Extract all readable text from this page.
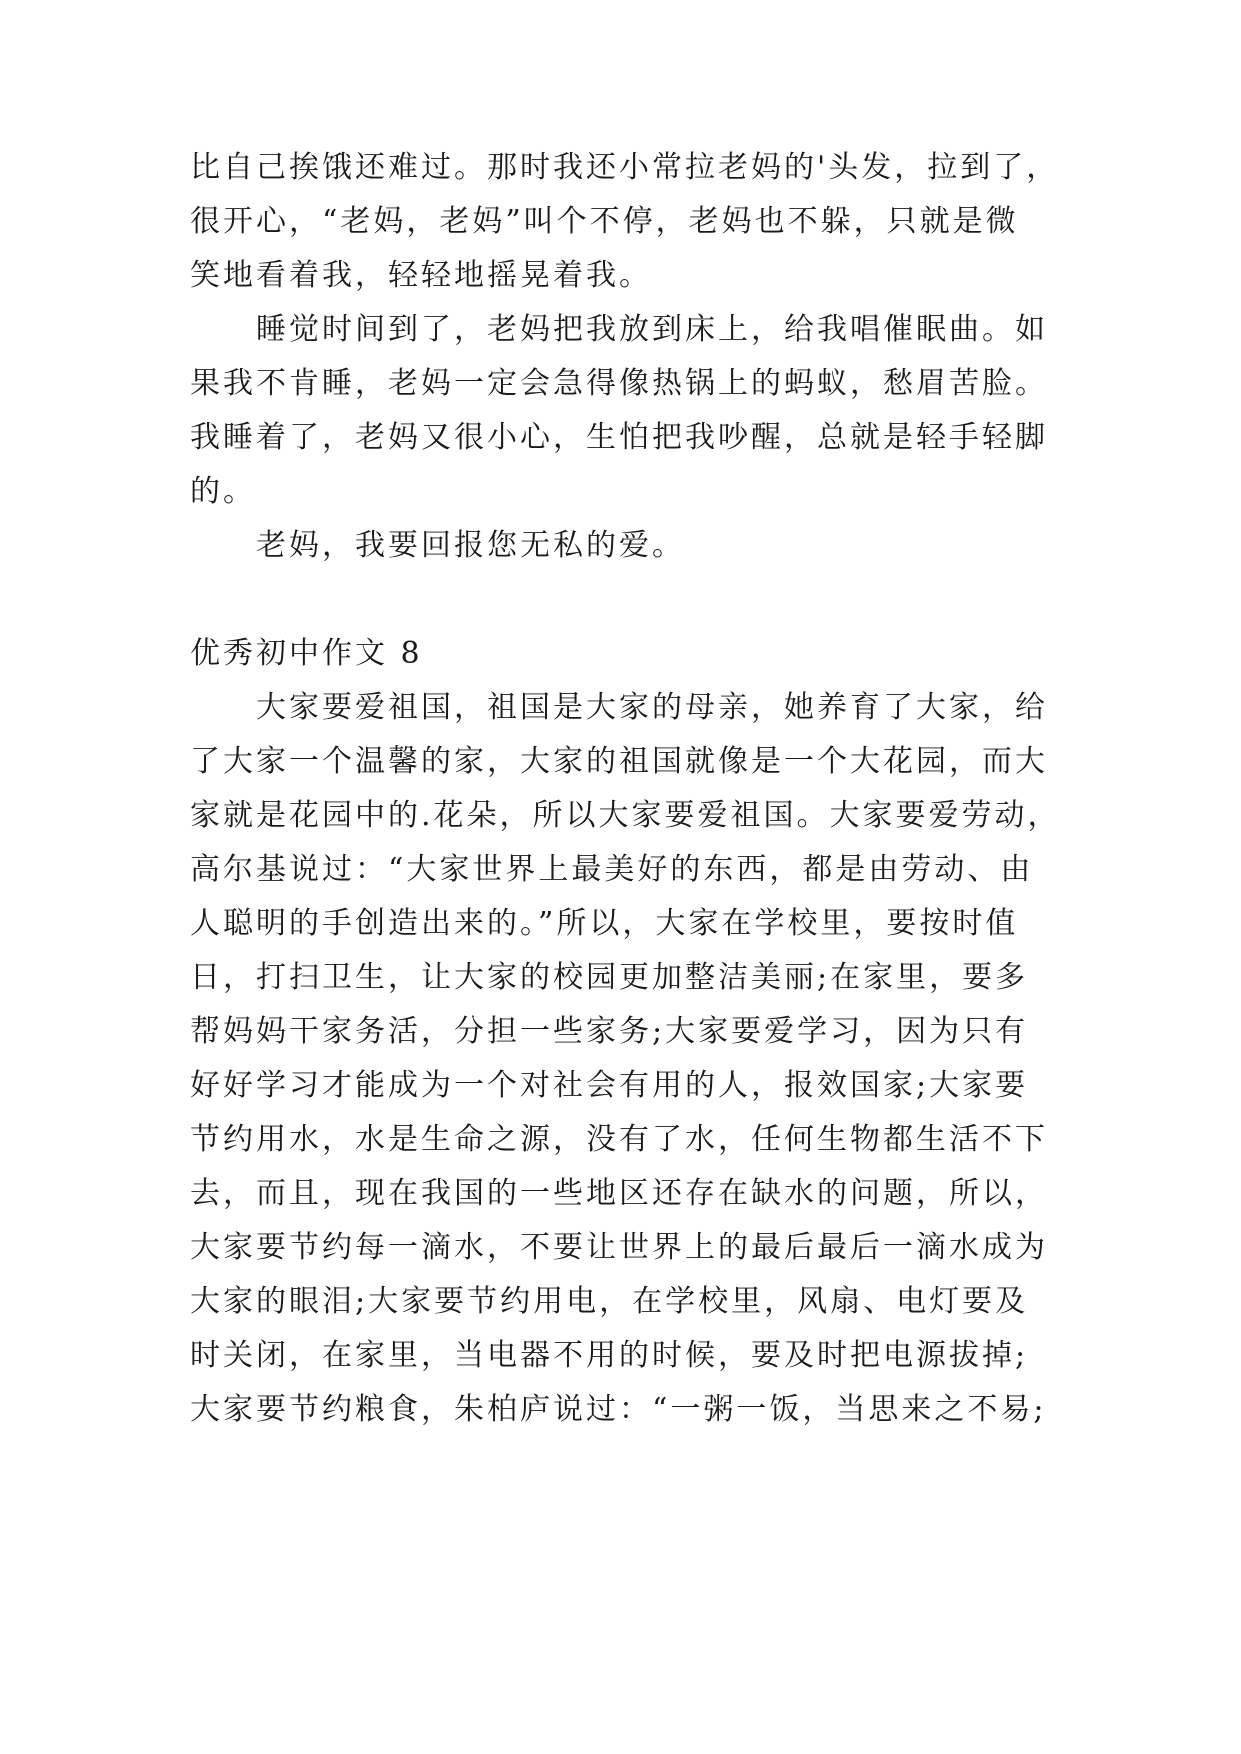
比自己挨饿还难过。那时我还小常拉老妈的'头发，拉到了，
很开心，“老妈，老妈”叫个不停，老妈也不躲，只就是微
笑地看着我，轻轻地摇晃着我。
睡觉时间到了，老妈把我放到床上，给我唱催眠曲。如
果我不肯睡，老妈一定会急得像热锅上的蚂蚁，愁眉苦脸。
我睡着了，老妈又很小心，生怕把我吵醒，总就是轻手轻脚
的。
老妈，我要回报您无私的爱。
优秀初中作文 8
大家要爱祖国，祖国是大家的母亲，她养育了大家，给
了大家一个温馨的家，大家的祖国就像是一个大花园，而大
家就是花园中的.花朵，所以大家要爱祖国。大家要爱劳动，
高尔基说过：“大家世界上最美好的东西，都是由劳动、由
人聪明的手创造出来的。”所以，大家在学校里，要按时值
日，打扫卫生，让大家的校园更加整洁美丽;在家里，要多
帮妈妈干家务活，分担一些家务;大家要爱学习，因为只有
好好学习才能成为一个对社会有用的人，报效国家;大家要
节约用水，水是生命之源，没有了水，任何生物都生活不下
去，而且，现在我国的一些地区还存在缺水的问题，所以，
大家要节约每一滴水，不要让世界上的最后最后一滴水成为
大家的眼泪;大家要节约用电，在学校里，风扇、电灯要及
时关闭，在家里，当电器不用的时候，要及时把电源拔掉;
大家要节约粮食，朱柏庐说过：“一粥一饭，当思来之不易;
